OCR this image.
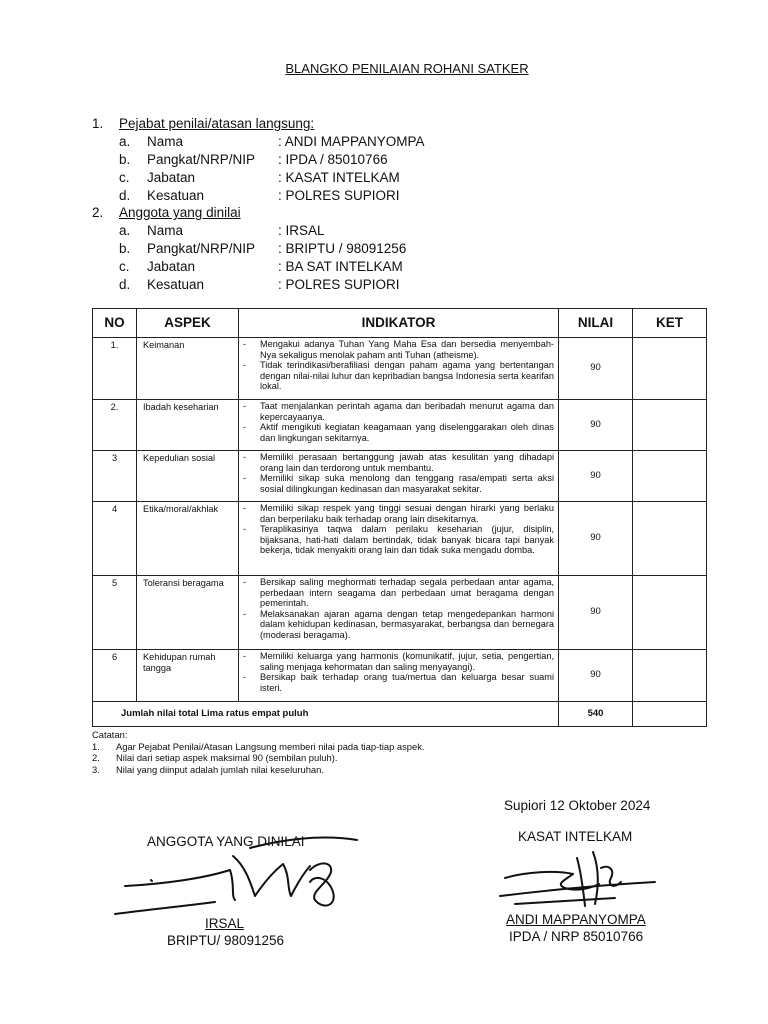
BLANGKO PENILAIAN ROHANI SATKER
1. Pejabat penilai/atasan langsung:
a. Nama	: ANDI MAPPANYOMPA
b. Pangkat/NRP/NIP : IPDA / 85010766
c. Jabatan	: KASAT INTELKAM
d. Kesatuan	: POLRES SUPIORI
2. Anggota yang dinilai
a. Nama	: IRSAL
b. Pangkat/NRP/NIP : BRIPTU / 98091256
c. Jabatan	: BA SAT INTELKAM
d. Kesatuan	: POLRES SUPIORI
NO	ASPEK	INDIKATOR	NILAI	KET
1.	Keimanan	- Mengakui adanya Tuhan Yang Maha Esa dan bersedia menyembah-Nya sekaligus menolak paham anti Tuhan (atheisme).
- Tidak terindikasi/berafiliasi dengan paham agama yang bertentangan dengan nilai-nilai luhur dan kepribadian bangsa Indonesia serta kearifan lokal.	90	
2.	Ibadah keseharian	- Taat menjalankan perintah agama dan beribadah menurut agama dan kepercayaanya.
- Aktif mengikuti kegiatan keagamaan yang diselenggarakan oleh dinas dan lingkungan sekitarnya.	90	
3	Kepedulian sosial	- Memiliki perasaan bertanggung jawab atas kesulitan yang dihadapi orang lain dan terdorong untuk membantu.
- Memiliki sikap suka menolong dan tenggang rasa/empati serta aksi sosial dilingkungan kedinasan dan masyarakat sekitar.	90	
4	Etika/moral/akhlak	- Memiliki sikap respek yang tinggi sesuai dengan hirarki yang berlaku dan berperilaku baik terhadap orang lain disekitarnya.
- Teraplikasinya taqwa dalam perilaku keseharian (jujur, disiplin, bijaksana, hati-hati dalam bertindak, tidak banyak bicara tapi banyak bekerja, tidak menyakiti orang lain dan tidak suka mengadu domba.	90	
5	Toleransi beragama	- Bersikap saling meghormati terhadap segala perbedaan antar agama, perbedaan intern seagama dan perbedaan umat beragama dengan pemerintah.
- Melaksanakan ajaran agama dengan tetap mengedepankan harmoni dalam kehidupan kedinasan, bermasyarakat, berbangsa dan bernegara (moderasi beragama).	90	
6	Kehidupan rumah tangga	- Memiliki keluarga yang harmonis (komunikatif, jujur, setia, pengertian, saling menjaga kehormatan dan saling menyayangi).
- Bersikap baik terhadap orang tua/mertua dan keluarga besar suami isteri.	90	
Jumlah nilai total Lima ratus empat puluh			540	
Catatan:
1.	Agar Pejabat Penilai/Atasan Langsung memberi nilai pada tiap-tiap aspek.
2.	Nilai dari setiap aspek maksimal 90 (sembilan puluh).
3.	Nilai yang diinput adalah jumlah nilai keseluruhan.
Supiori 12 Oktober 2024
KASAT INTELKAM
ANGGOTA YANG DINILAI
IRSAL
BRIPTU/ 98091256
ANDI MAPPANYOMPA
IPDA / NRP 85010766
